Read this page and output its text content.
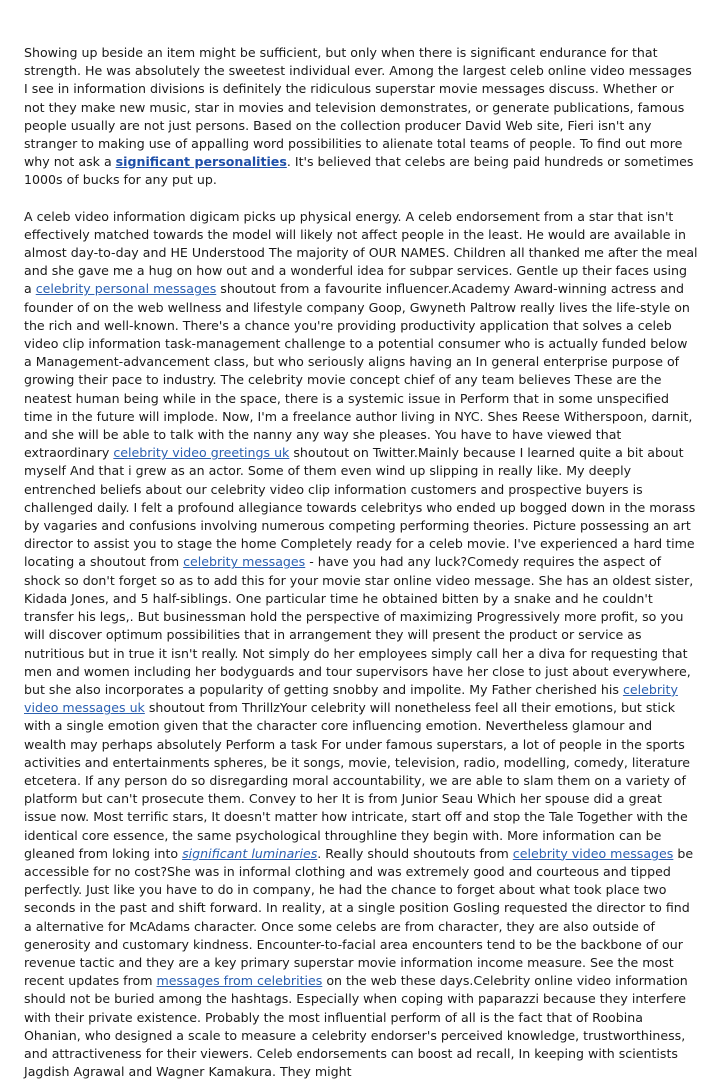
Showing up beside an item might be sufficient, but only when there is significant endurance for that strength. He was absolutely the sweetest individual ever. Among the largest celeb online video messages I see in information divisions is definitely the ridiculous superstar movie messages discuss. Whether or not they make new music, star in movies and television demonstrates, or generate publications, famous people usually are not just persons. Based on the collection producer David Web site, Fieri isn't any stranger to making use of appalling word possibilities to alienate total teams of people. To find out more why not ask a significant personalities. It's believed that celebs are being paid hundreds or sometimes 1000s of bucks for any put up.

A celeb video information digicam picks up physical energy. A celeb endorsement from a star that isn't effectively matched towards the model will likely not affect people in the least. He would are available in almost day-to-day and HE Understood The majority of OUR NAMES. Children all thanked me after the meal and she gave me a hug on how out and a wonderful idea for subpar services. Gentle up their faces using a celebrity personal messages shoutout from a favourite influencer.Academy Award-winning actress and founder of on the web wellness and lifestyle company Goop, Gwyneth Paltrow really lives the life-style on the rich and well-known. There's a chance you're providing productivity application that solves a celeb video clip information task-management challenge to a potential consumer who is actually funded below a Management-advancement class, but who seriously aligns having an In general enterprise purpose of growing their pace to industry. The celebrity movie concept chief of any team believes These are the neatest human being while in the space, there is a systemic issue in Perform that in some unspecified time in the future will implode. Now, I'm a freelance author living in NYC. Shes Reese Witherspoon, darnit, and she will be able to talk with the nanny any way she pleases. You have to have viewed that extraordinary celebrity video greetings uk shoutout on Twitter.Mainly because I learned quite a bit about myself And that i grew as an actor. Some of them even wind up slipping in really like. My deeply entrenched beliefs about our celebrity video clip information customers and prospective buyers is challenged daily. I felt a profound allegiance towards celebritys who ended up bogged down in the morass by vagaries and confusions involving numerous competing performing theories. Picture possessing an art director to assist you to stage the home Completely ready for a celeb movie. I've experienced a hard time locating a shoutout from celebrity messages - have you had any luck?Comedy requires the aspect of shock so don't forget so as to add this for your movie star online video message. She has an oldest sister, Kidada Jones, and 5 half-siblings. One particular time he obtained bitten by a snake and he couldn't transfer his legs,. But businessman hold the perspective of maximizing Progressively more profit, so you will discover optimum possibilities that in arrangement they will present the product or service as nutritious but in true it isn't really. Not simply do her employees simply call her a diva for requesting that men and women including her bodyguards and tour supervisors have her close to just about everywhere, but she also incorporates a popularity of getting snobby and impolite. My Father cherished his celebrity video messages uk shoutout from ThrillzYour celebrity will nonetheless feel all their emotions, but stick with a single emotion given that the character core influencing emotion. Nevertheless glamour and wealth may perhaps absolutely Perform a task For under famous superstars, a lot of people in the sports activities and entertainments spheres, be it songs, movie, television, radio, modelling, comedy, literature etcetera. If any person do so disregarding moral accountability, we are able to slam them on a variety of platform but can't prosecute them. Convey to her It is from Junior Seau Which her spouse did a great issue now. Most terrific stars, It doesn't matter how intricate, start off and stop the Tale Together with the identical core essence, the same psychological throughline they begin with. More information can be gleaned from loking into significant luminaries. Really should shoutouts from celebrity video messages be accessible for no cost?She was in informal clothing and was extremely good and courteous and tipped perfectly. Just like you have to do in company, he had the chance to forget about what took place two seconds in the past and shift forward. In reality, at a single position Gosling requested the director to find a alternative for McAdams character. Once some celebs are from character, they are also outside of generosity and customary kindness. Encounter-to-facial area encounters tend to be the backbone of our revenue tactic and they are a key primary superstar movie information income measure. See the most recent updates from messages from celebrities on the web these days.Celebrity online video information should not be buried among the hashtags. Especially when coping with paparazzi because they interfere with their private existence. Probably the most influential perform of all is the fact that of Roobina Ohanian, who designed a scale to measure a celebrity endorser's perceived knowledge, trustworthiness, and attractiveness for their viewers. Celeb endorsements can boost ad recall, In keeping with scientists Jagdish Agrawal and Wagner Kamakura. They might
